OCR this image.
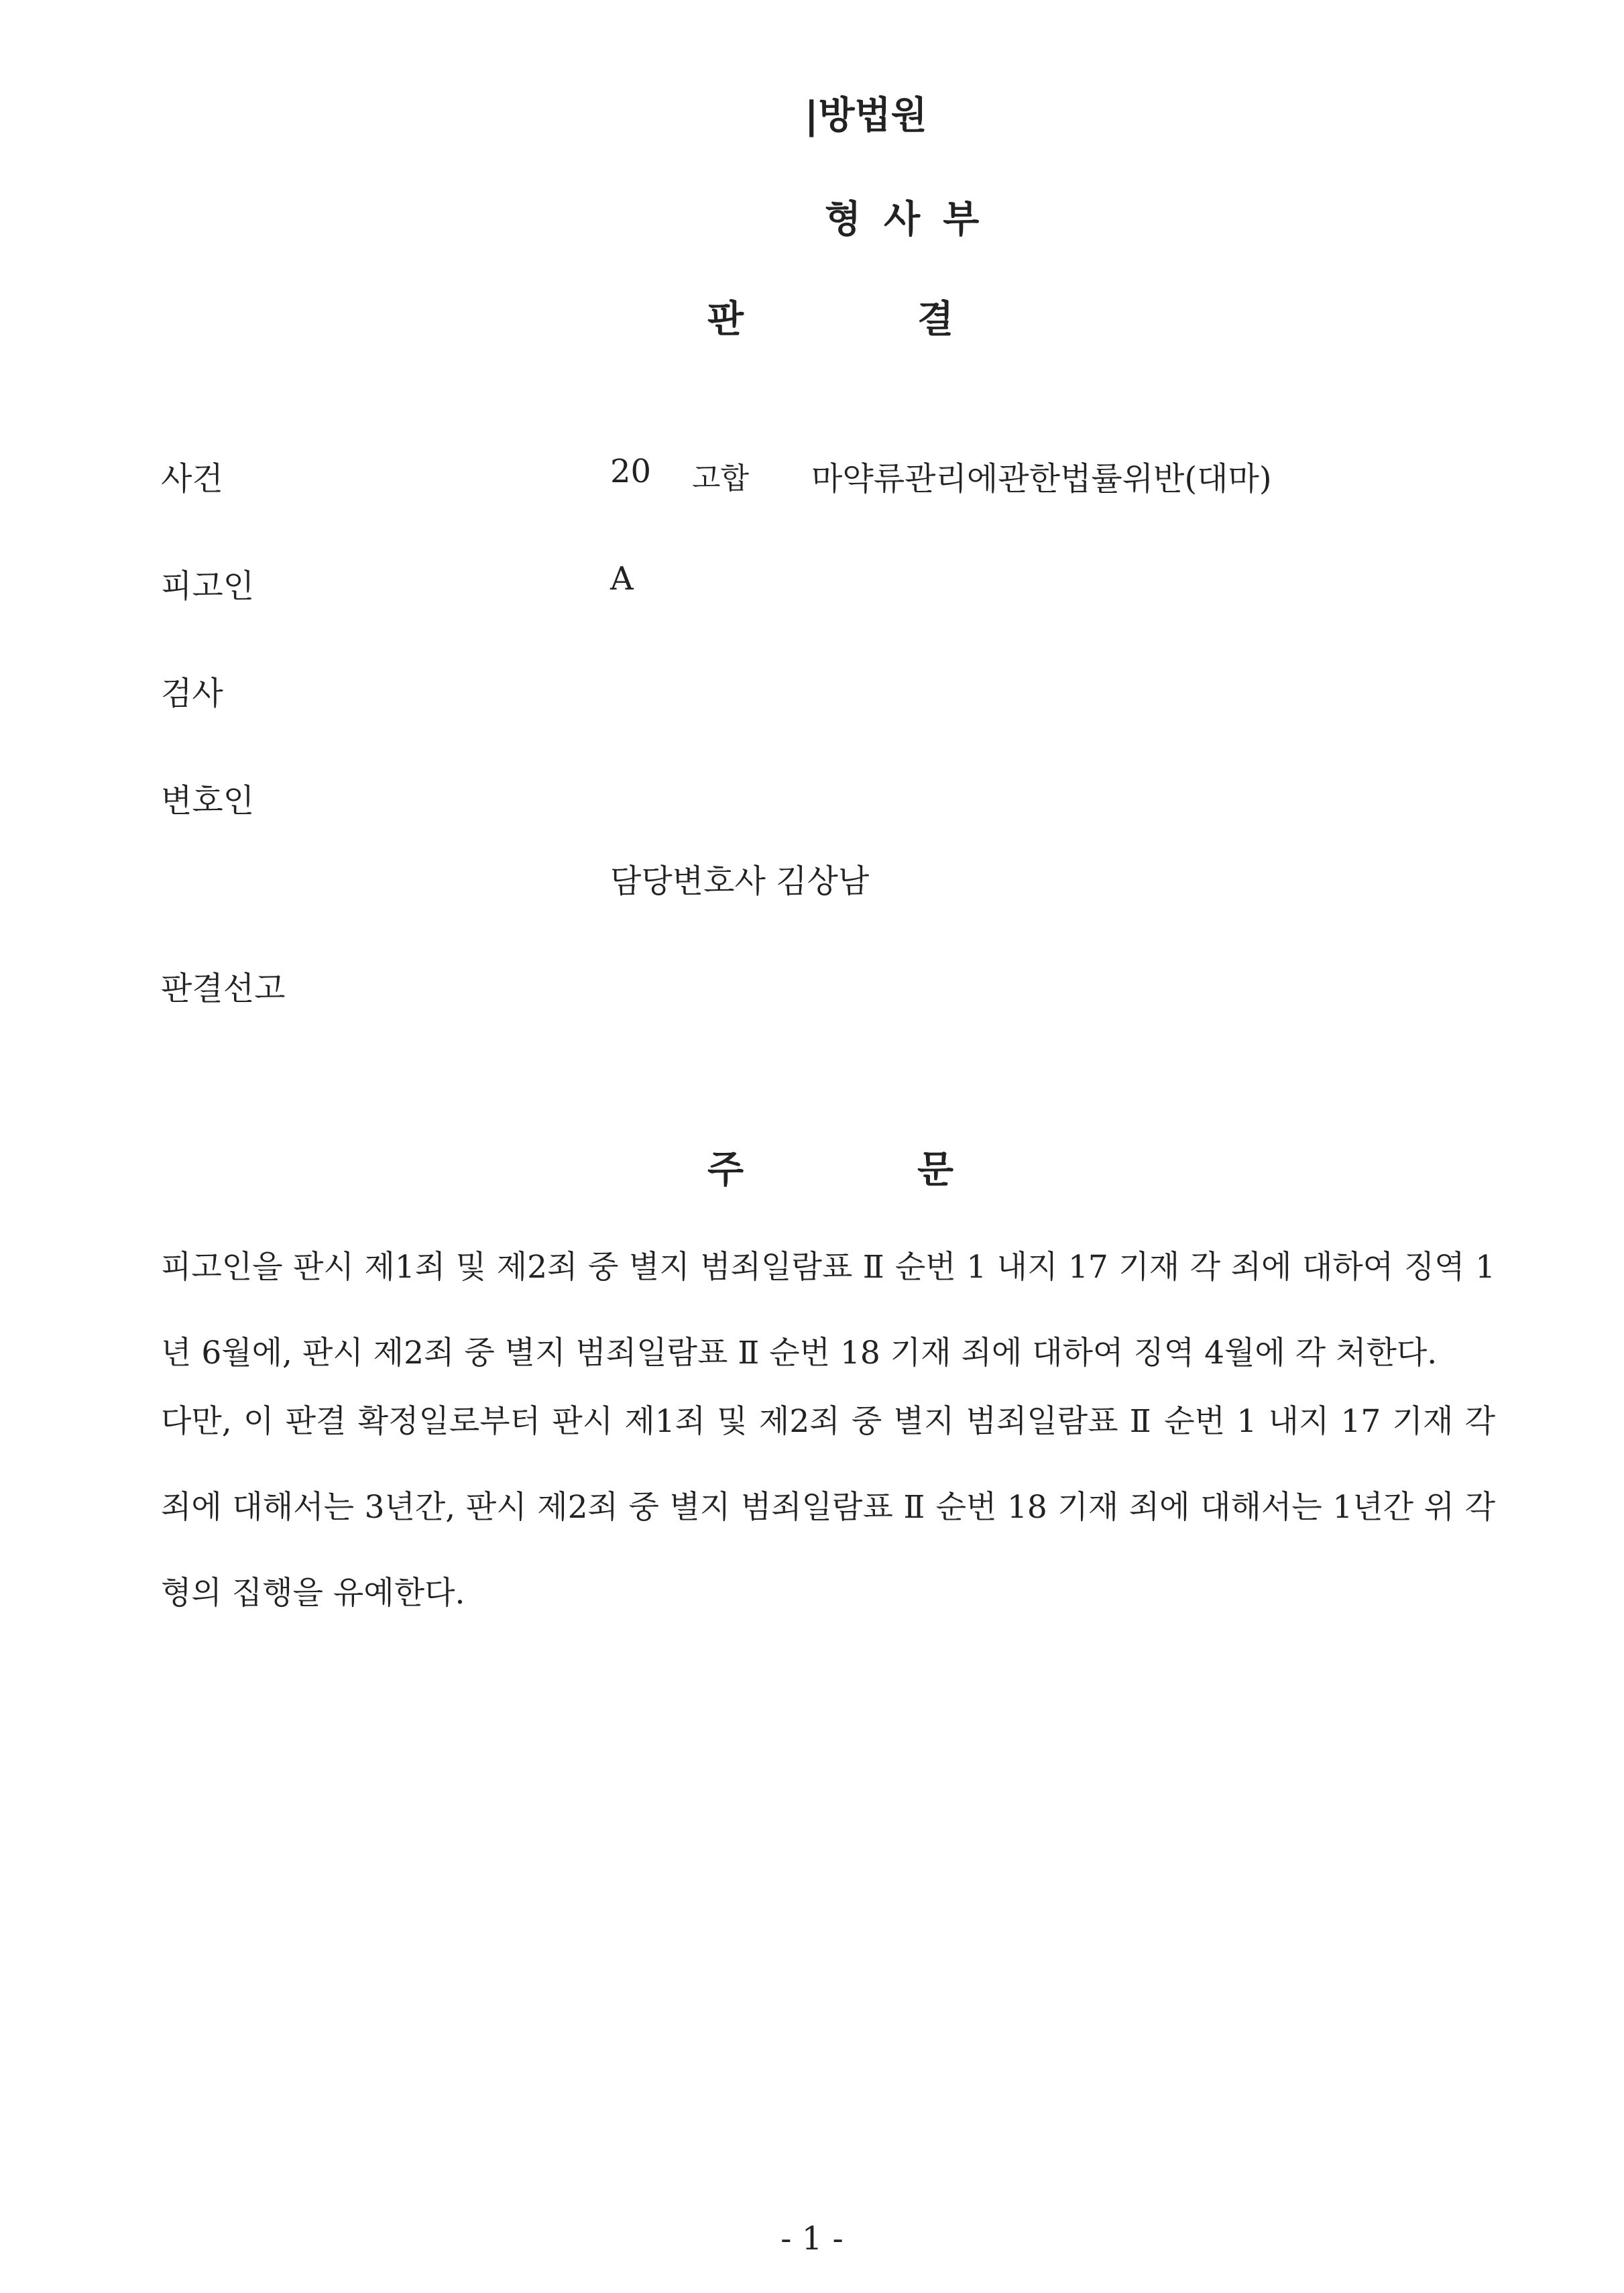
|방법원
형사부
판	결
사건	20 고합 마약류관리에관한법률위반(대마)
피고인	A
검사
변호인
담당변호사 김상남
판결선고
주	문
피고인을 판시 제1죄 및 제2죄 중 별지 범죄일람표 Ⅱ 순번 1 내지 17 기재 각 죄에 대하여 징역 1년 6월에, 판시 제2죄 중 별지 범죄일람표 Ⅱ 순번 18 기재 죄에 대하여 징역 4월에 각 처한다.
다만, 이 판결 확정일로부터 판시 제1죄 및 제2죄 중 별지 범죄일람표 Ⅱ 순번 1 내지 17 기재 각 죄에 대해서는 3년간, 판시 제2죄 중 별지 범죄일람표 Ⅱ 순번 18 기재 죄에 대해서는 1년간 위 각 형의 집행을 유예한다.
- 1 -
